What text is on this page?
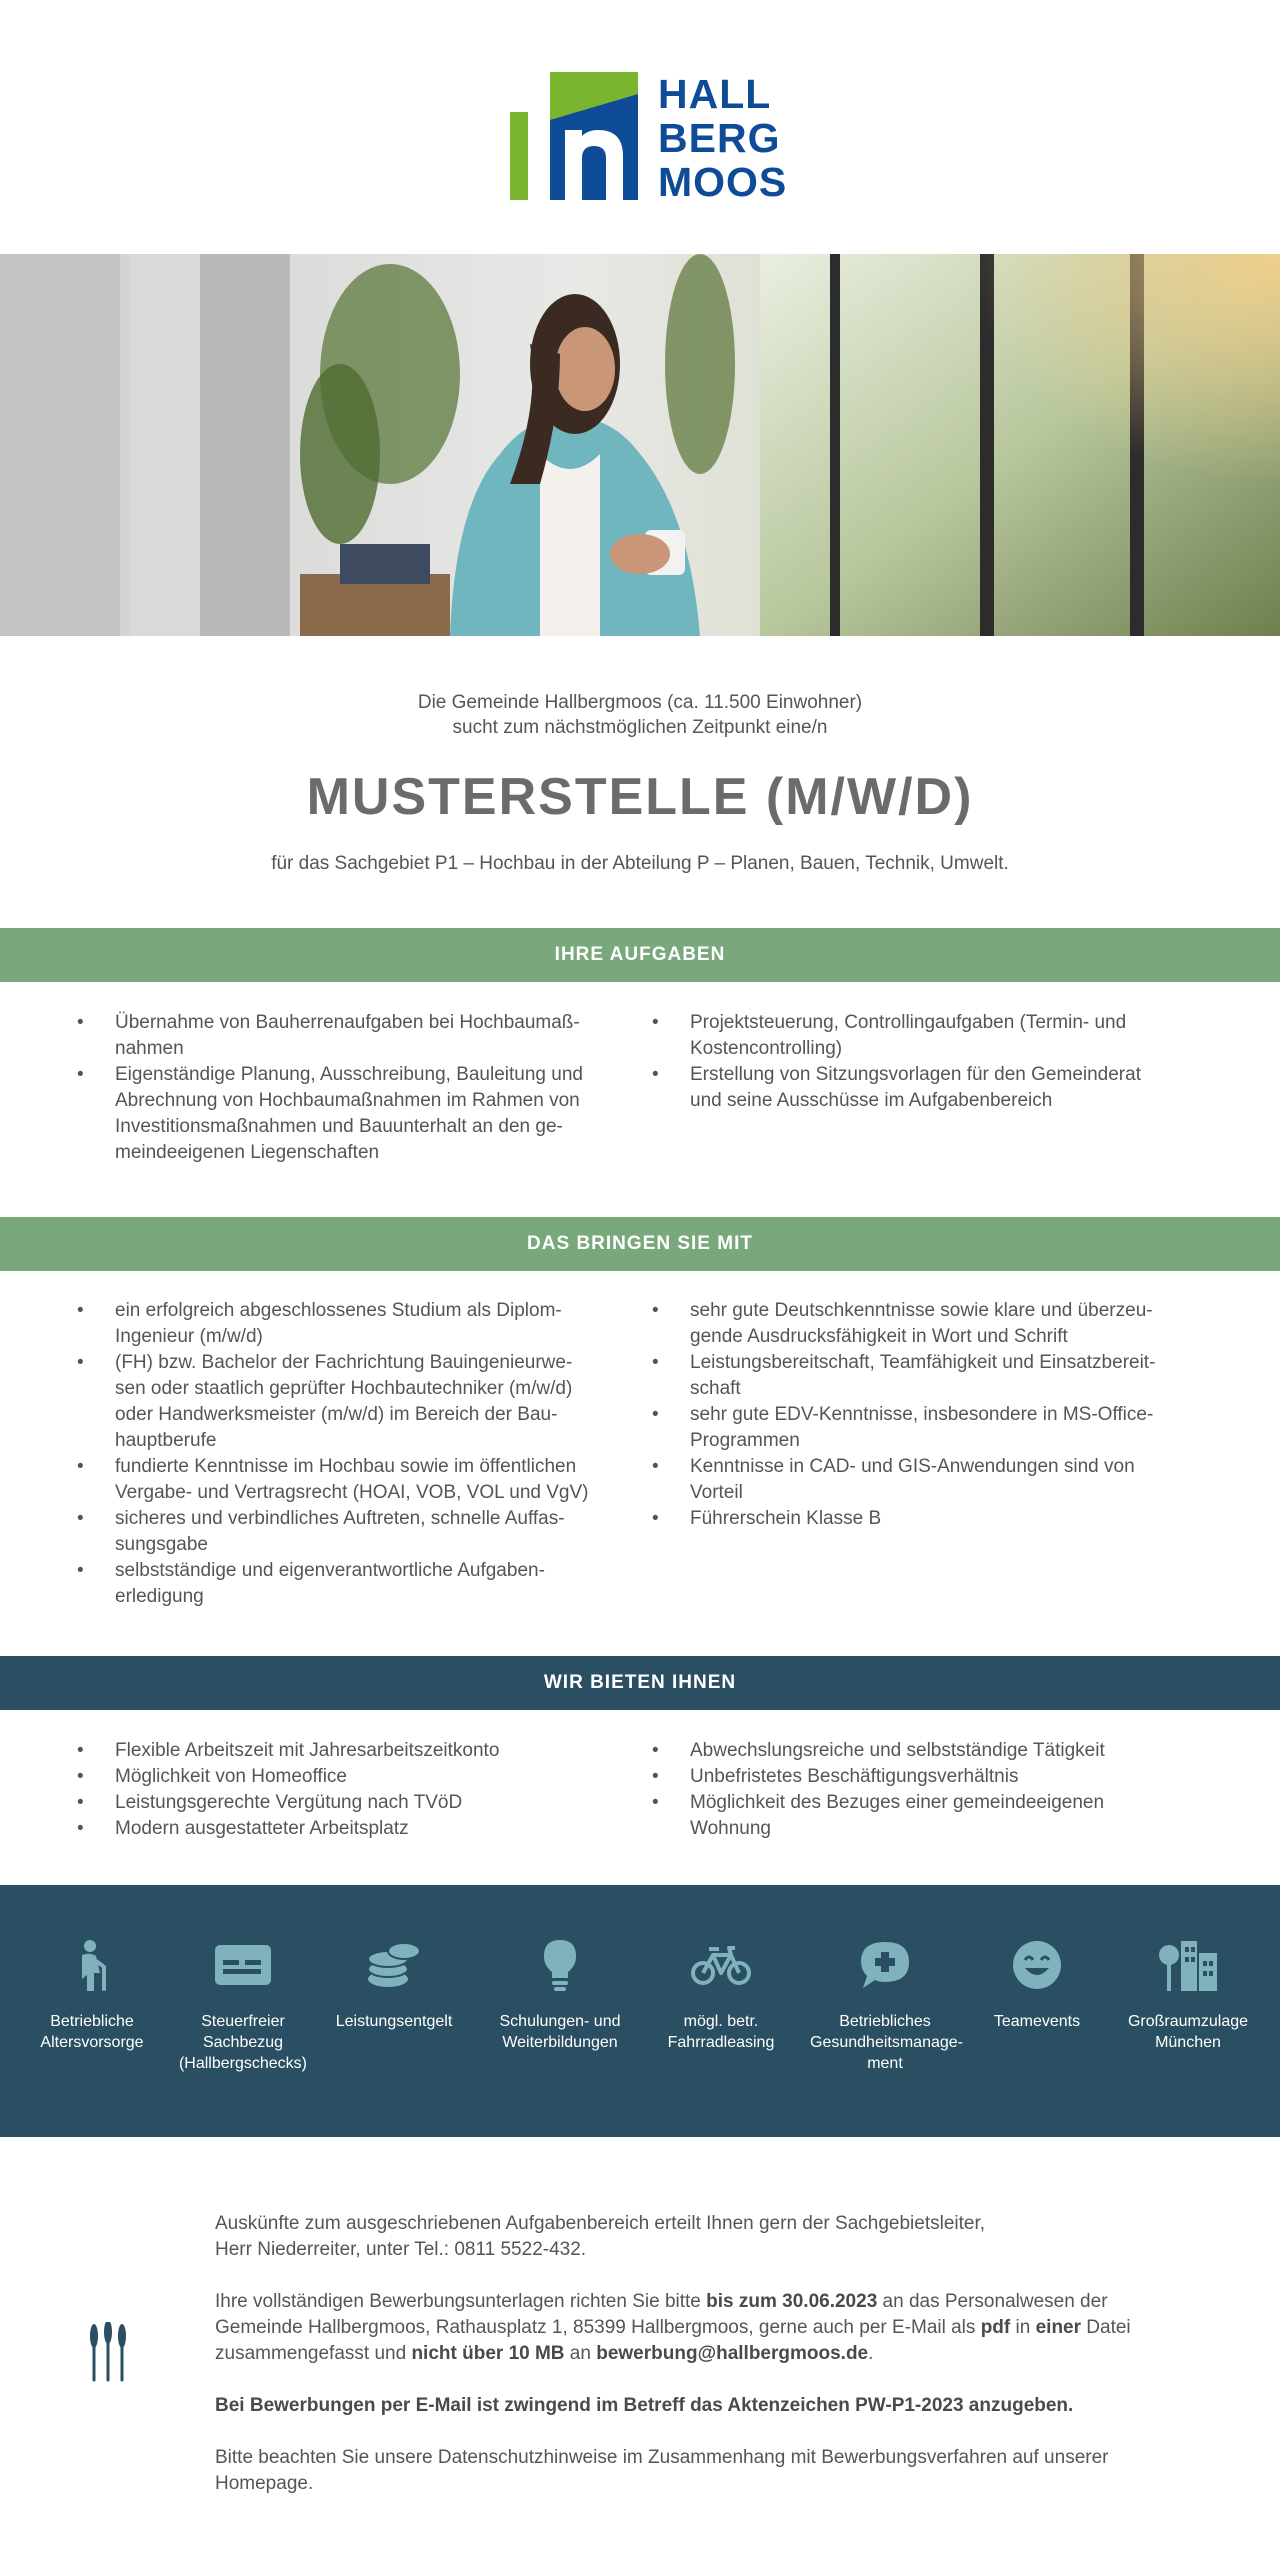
HALL
BERG
MOOS
Die Gemeinde Hallbergmoos (ca. 11.500 Einwohner)
sucht zum nächstmöglichen Zeitpunkt eine/n
MUSTERSTELLE (M/W/D)
für das Sachgebiet P1 – Hochbau in der Abteilung P – Planen, Bauen, Technik, Umwelt.
IHRE AUFGABEN
• Übernahme von Bauherrenaufgaben bei Hochbaumaß-
nahmen
• Eigenständige Planung, Ausschreibung, Bauleitung und
Abrechnung von Hochbaumaßnahmen im Rahmen von
Investitionsmaßnahmen und Bauunterhalt an den ge-
meindeeigenen Liegenschaften
• Projektsteuerung, Controllingaufgaben (Termin- und
Kostencontrolling)
• Erstellung von Sitzungsvorlagen für den Gemeinderat
und seine Ausschüsse im Aufgabenbereich
DAS BRINGEN SIE MIT
• ein erfolgreich abgeschlossenes Studium als Diplom-
Ingenieur (m/w/d)
• (FH) bzw. Bachelor der Fachrichtung Bauingenieurwe-
sen oder staatlich geprüfter Hochbautechniker (m/w/d)
oder Handwerksmeister (m/w/d) im Bereich der Bau-
hauptberufe
• fundierte Kenntnisse im Hochbau sowie im öffentlichen
Vergabe- und Vertragsrecht (HOAI, VOB, VOL und VgV)
• sicheres und verbindliches Auftreten, schnelle Auffas-
sungsgabe
• selbstständige und eigenverantwortliche Aufgaben-
erledigung
• sehr gute Deutschkenntnisse sowie klare und überzeu-
gende Ausdrucksfähigkeit in Wort und Schrift
• Leistungsbereitschaft, Teamfähigkeit und Einsatzbereit-
schaft
• sehr gute EDV-Kenntnisse, insbesondere in MS-Office-
Programmen
• Kenntnisse in CAD- und GIS-Anwendungen sind von
Vorteil
• Führerschein Klasse B
WIR BIETEN IHNEN
• Flexible Arbeitszeit mit Jahresarbeitszeitkonto
• Möglichkeit von Homeoffice
• Leistungsgerechte Vergütung nach TVöD
• Modern ausgestatteter Arbeitsplatz
• Abwechslungsreiche und selbstständige Tätigkeit
• Unbefristetes Beschäftigungsverhältnis
• Möglichkeit des Bezuges einer gemeindeeigenen
Wohnung
Betriebliche
Altersvorsorge
Steuerfreier
Sachbezug
(Hallbergschecks)
Leistungsentgelt	Schulungen- und
Weiterbildungen
mögl. betr.
Fahrradleasing
Betriebliches
Gesundheitsmanage-
ment
Teamevents	Großraumzulage
München

Auskünfte zum ausgeschriebenen Aufgabenbereich erteilt Ihnen gern der Sachgebietsleiter,
Herr Niederreiter, unter Tel.: 0811 5522-432.

Ihre vollständigen Bewerbungsunterlagen richten Sie bitte bis zum 30.06.2023 an das Personalwesen der
Gemeinde Hallbergmoos, Rathausplatz 1, 85399 Hallbergmoos, gerne auch per E-Mail als pdf in einer Datei
zusammengefasst und nicht über 10 MB an bewerbung@hallbergmoos.de.

Bei Bewerbungen per E-Mail ist zwingend im Betreff das Aktenzeichen PW-P1-2023 anzugeben.

Bitte beachten Sie unsere Datenschutzhinweise im Zusammenhang mit Bewerbungsverfahren auf unserer
Homepage.
